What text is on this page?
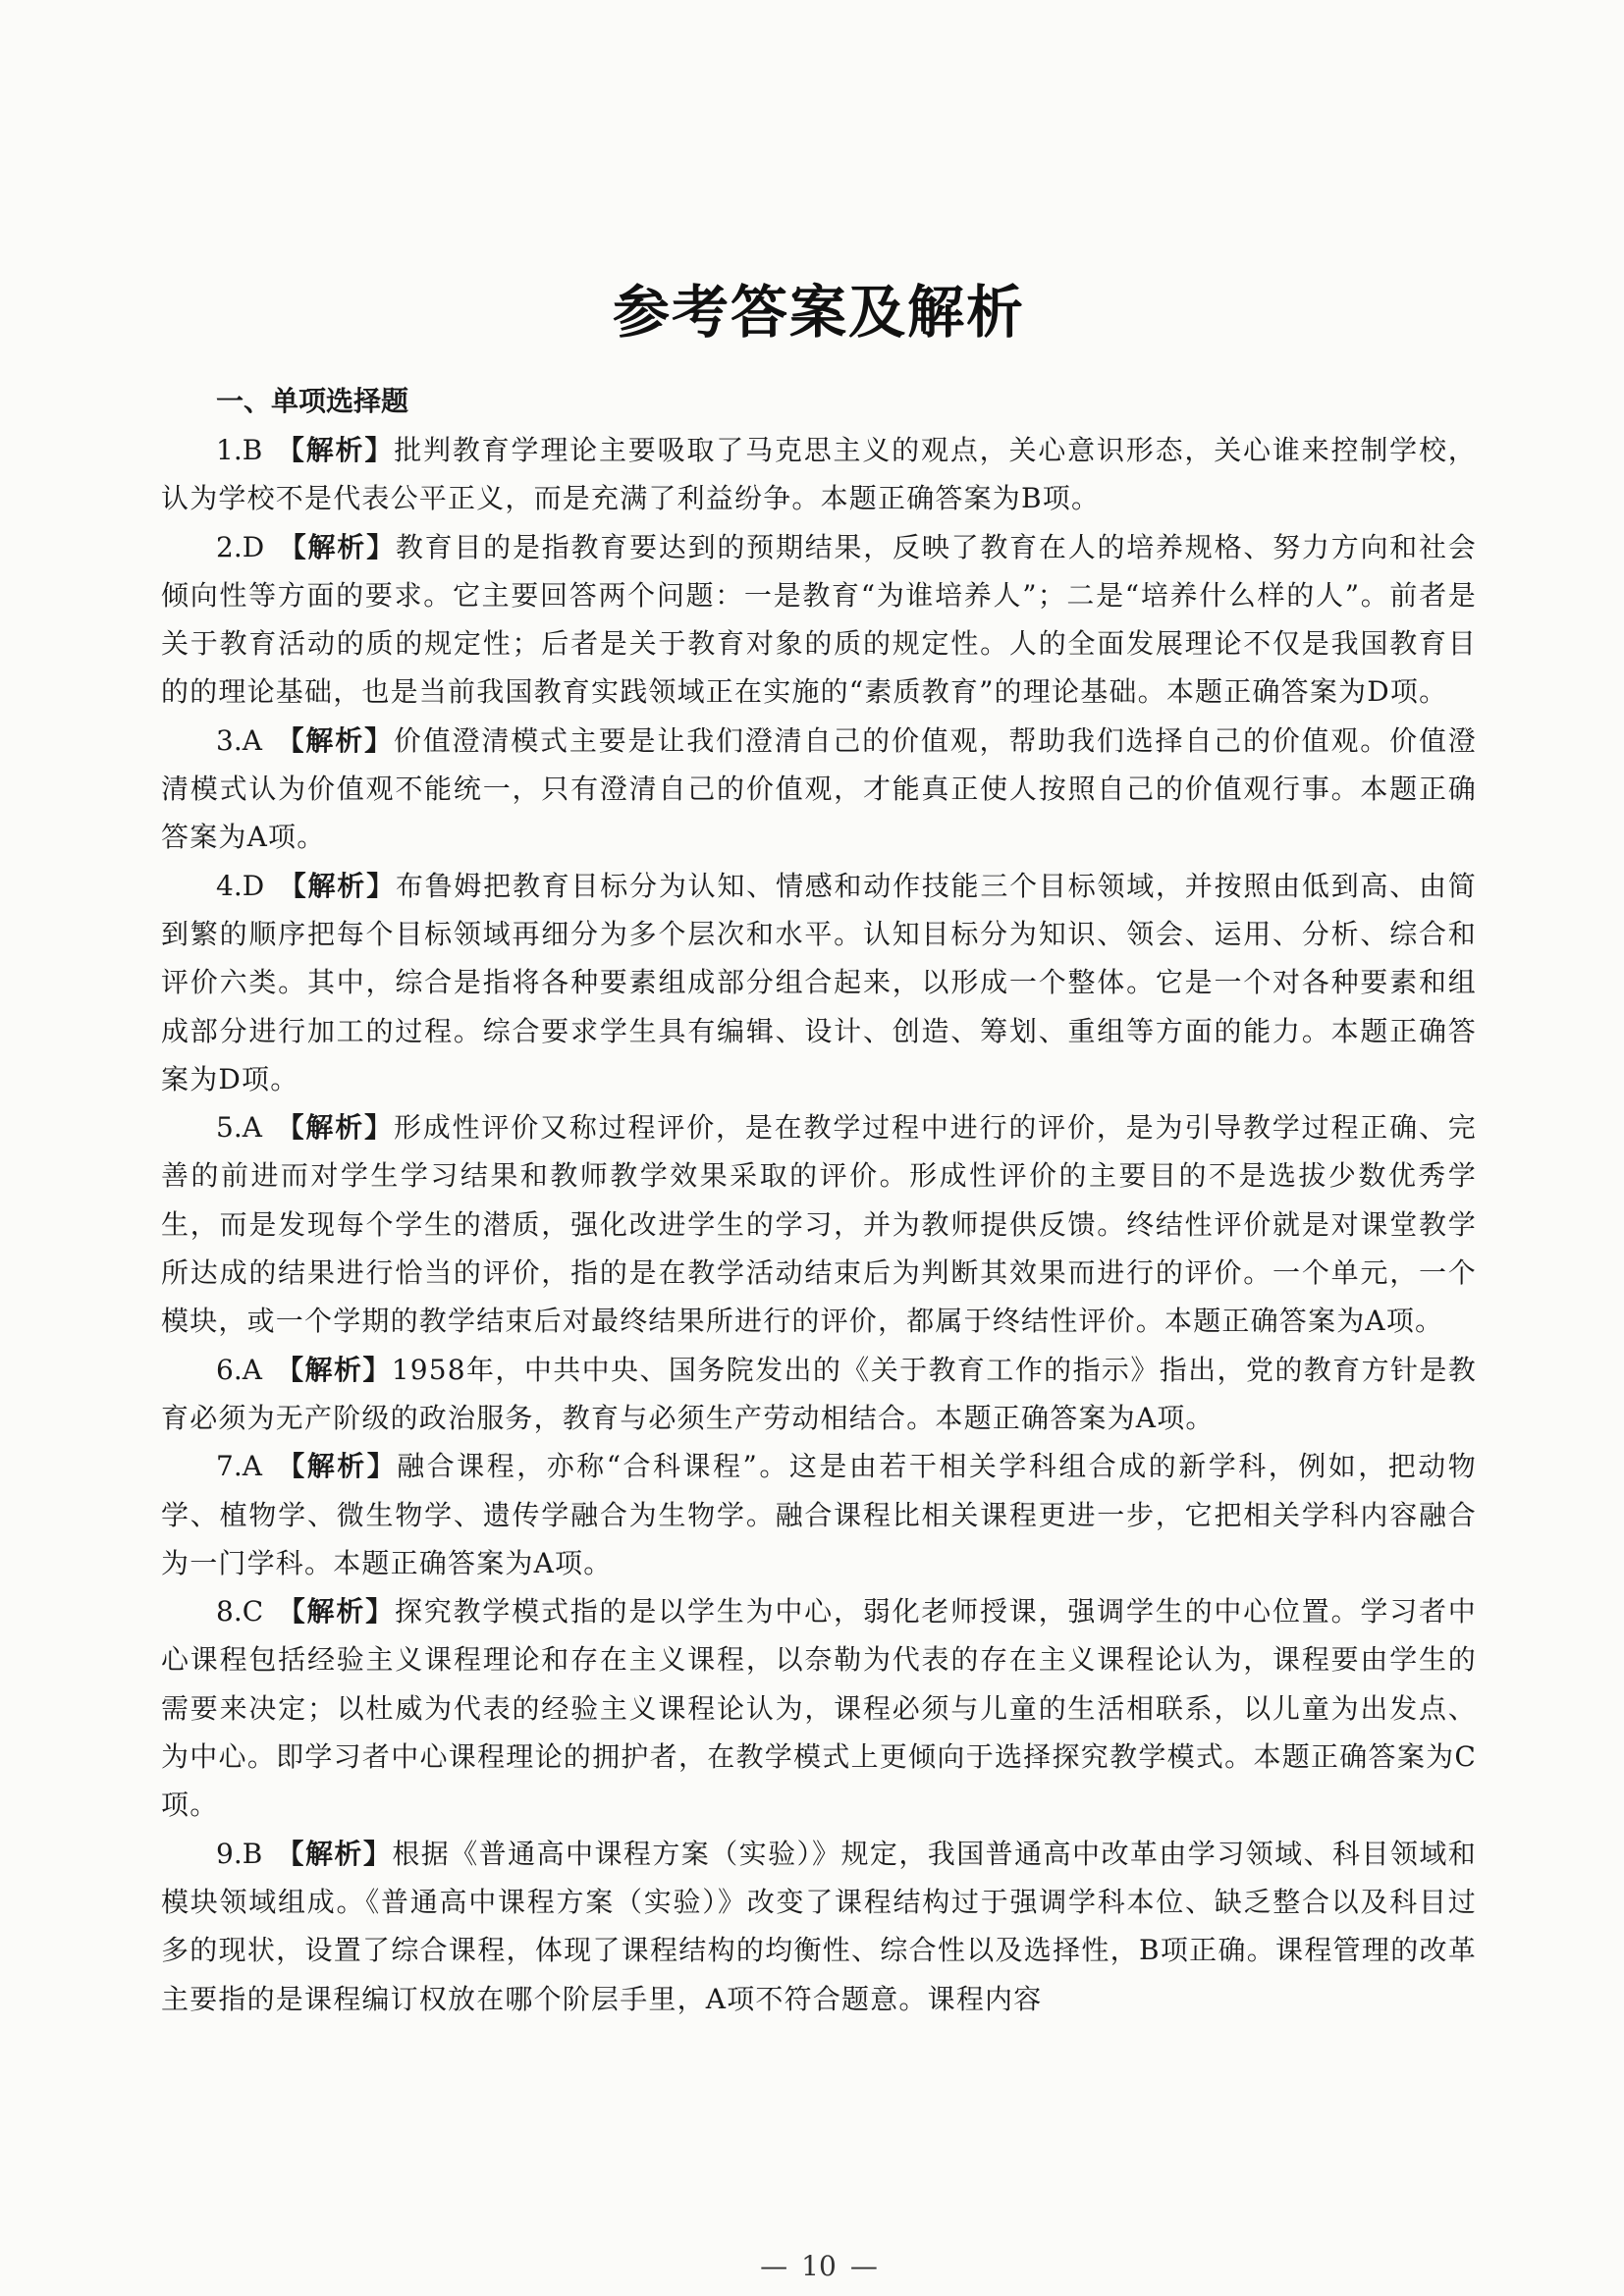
参考答案及解析

一、单项选择题

1.B 【解析】批判教育学理论主要吸取了马克思主义的观点，关心意识形态，关心谁来控制学校，认为学校不是代表公平正义，而是充满了利益纷争。本题正确答案为B项。

2.D 【解析】教育目的是指教育要达到的预期结果，反映了教育在人的培养规格、努力方向和社会倾向性等方面的要求。它主要回答两个问题：一是教育“为谁培养人”；二是“培养什么样的人”。前者是关于教育活动的质的规定性；后者是关于教育对象的质的规定性。人的全面发展理论不仅是我国教育目的的理论基础，也是当前我国教育实践领域正在实施的“素质教育”的理论基础。本题正确答案为D项。

3.A 【解析】价值澄清模式主要是让我们澄清自己的价值观，帮助我们选择自己的价值观。价值澄清模式认为价值观不能统一，只有澄清自己的价值观，才能真正使人按照自己的价值观行事。本题正确答案为A项。

4.D 【解析】布鲁姆把教育目标分为认知、情感和动作技能三个目标领域，并按照由低到高、由简到繁的顺序把每个目标领域再细分为多个层次和水平。认知目标分为知识、领会、运用、分析、综合和评价六类。其中，综合是指将各种要素组成部分组合起来，以形成一个整体。它是一个对各种要素和组成部分进行加工的过程。综合要求学生具有编辑、设计、创造、筹划、重组等方面的能力。本题正确答案为D项。

5.A 【解析】形成性评价又称过程评价，是在教学过程中进行的评价，是为引导教学过程正确、完善的前进而对学生学习结果和教师教学效果采取的评价。形成性评价的主要目的不是选拔少数优秀学生，而是发现每个学生的潜质，强化改进学生的学习，并为教师提供反馈。终结性评价就是对课堂教学所达成的结果进行恰当的评价，指的是在教学活动结束后为判断其效果而进行的评价。一个单元，一个模块，或一个学期的教学结束后对最终结果所进行的评价，都属于终结性评价。本题正确答案为A项。

6.A 【解析】1958年，中共中央、国务院发出的《关于教育工作的指示》指出，党的教育方针是教育必须为无产阶级的政治服务，教育与必须生产劳动相结合。本题正确答案为A项。

7.A 【解析】融合课程，亦称“合科课程”。这是由若干相关学科组合成的新学科，例如，把动物学、植物学、微生物学、遗传学融合为生物学。融合课程比相关课程更进一步，它把相关学科内容融合为一门学科。本题正确答案为A项。

8.C 【解析】探究教学模式指的是以学生为中心，弱化老师授课，强调学生的中心位置。学习者中心课程包括经验主义课程理论和存在主义课程，以奈勒为代表的存在主义课程论认为，课程要由学生的需要来决定；以杜威为代表的经验主义课程论认为，课程必须与儿童的生活相联系，以儿童为出发点、为中心。即学习者中心课程理论的拥护者，在教学模式上更倾向于选择探究教学模式。本题正确答案为C项。

9.B 【解析】根据《普通高中课程方案（实验）》规定，我国普通高中改革由学习领域、科目领域和模块领域组成。《普通高中课程方案（实验）》改变了课程结构过于强调学科本位、缺乏整合以及科目过多的现状，设置了综合课程，体现了课程结构的均衡性、综合性以及选择性，B项正确。课程管理的改革主要指的是课程编订权放在哪个阶层手里，A项不符合题意。课程内容

— 10 —
